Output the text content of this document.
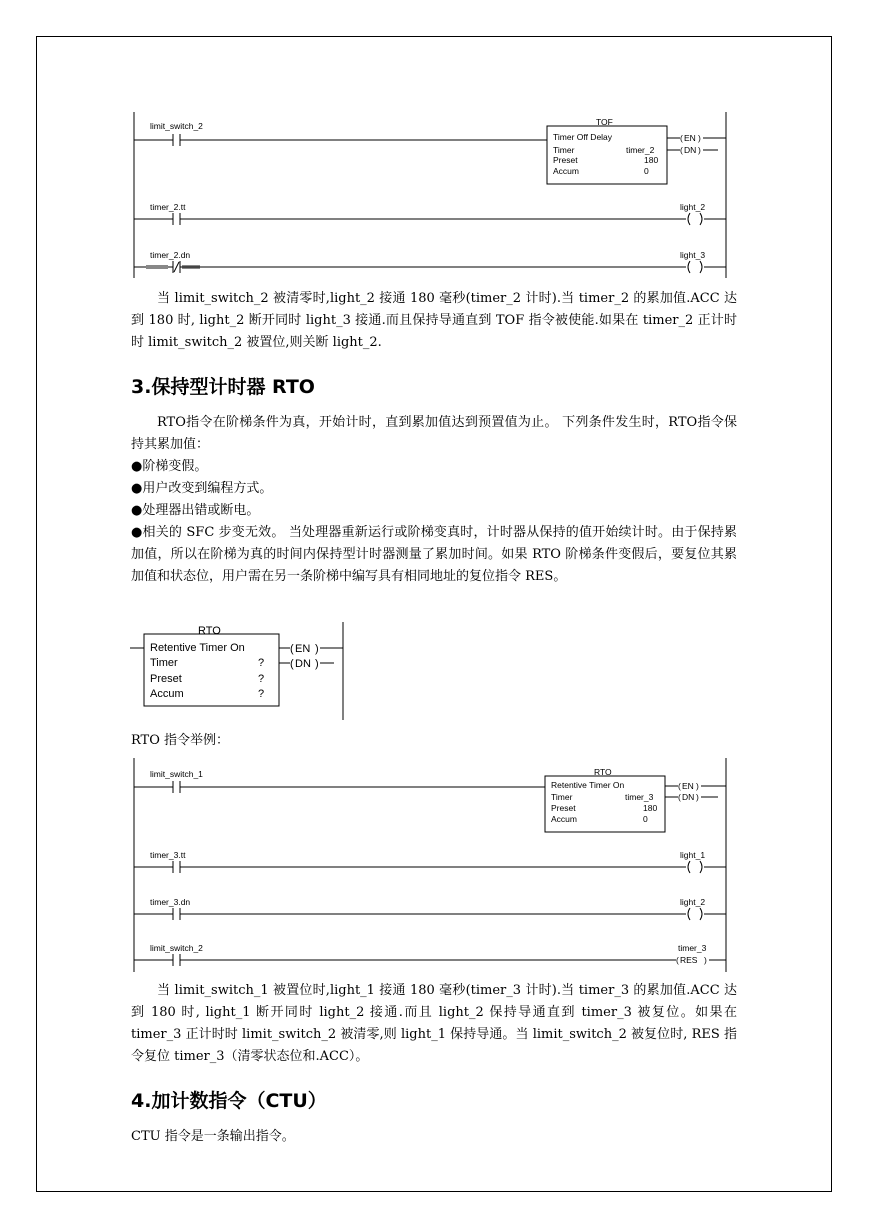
limit_switch_2	TOF
Timer Off Delay
Timer	timer_2
Preset	180
Accum	0
( EN )
( DN )
timer_2.tt	light_2
timer_2.dn	light_3

当 limit_switch_2 被清零时,light_2 接通 180 毫秒(timer_2 计时).当 timer_2 的累加值.ACC 达到 180 时, light_2 断开同时 light_3 接通.而且保持导通直到 TOF 指令被使能.如果在 timer_2 正计时时 limit_switch_2 被置位,则关断 light_2.

3.保持型计时器 RTO

RTO指令在阶梯条件为真，开始计时，直到累加值达到预置值为止。 下列条件发生时，RTO指令保持其累加值：

●阶梯变假。

●用户改变到编程方式。

●处理器出错或断电。

●相关的 SFC 步变无效。 当处理器重新运行或阶梯变真时，计时器从保持的值开始续计时。由于保持累加值，所以在阶梯为真的时间内保持型计时器测量了累加时间。如果 RTO 阶梯条件变假后，要复位其累加值和状态位，用户需在另一条阶梯中编写具有相同地址的复位指令 RES。

RTO
Retentive Timer On
Timer	?
Preset	?
Accum	?
( EN )
( DN )

RTO 指令举例：

limit_switch_1	RTO
Retentive Timer On
Timer	timer_3
Preset	180
Accum	0
( EN )
( DN )
timer_3.tt	light_1
timer_3.dn	light_2
limit_switch_2	timer_3
( RES )

当 limit_switch_1 被置位时,light_1 接通 180 毫秒(timer_3 计时).当 timer_3 的累加值.ACC 达到 180 时, light_1 断开同时 light_2 接通.而且 light_2 保持导通直到 timer_3 被复位。如果在 timer_3 正计时时 limit_switch_2 被清零,则 light_1 保持导通。当 limit_switch_2 被复位时, RES 指令复位 timer_3（清零状态位和.ACC）。

4.加计数指令（CTU）

CTU 指令是一条输出指令。
